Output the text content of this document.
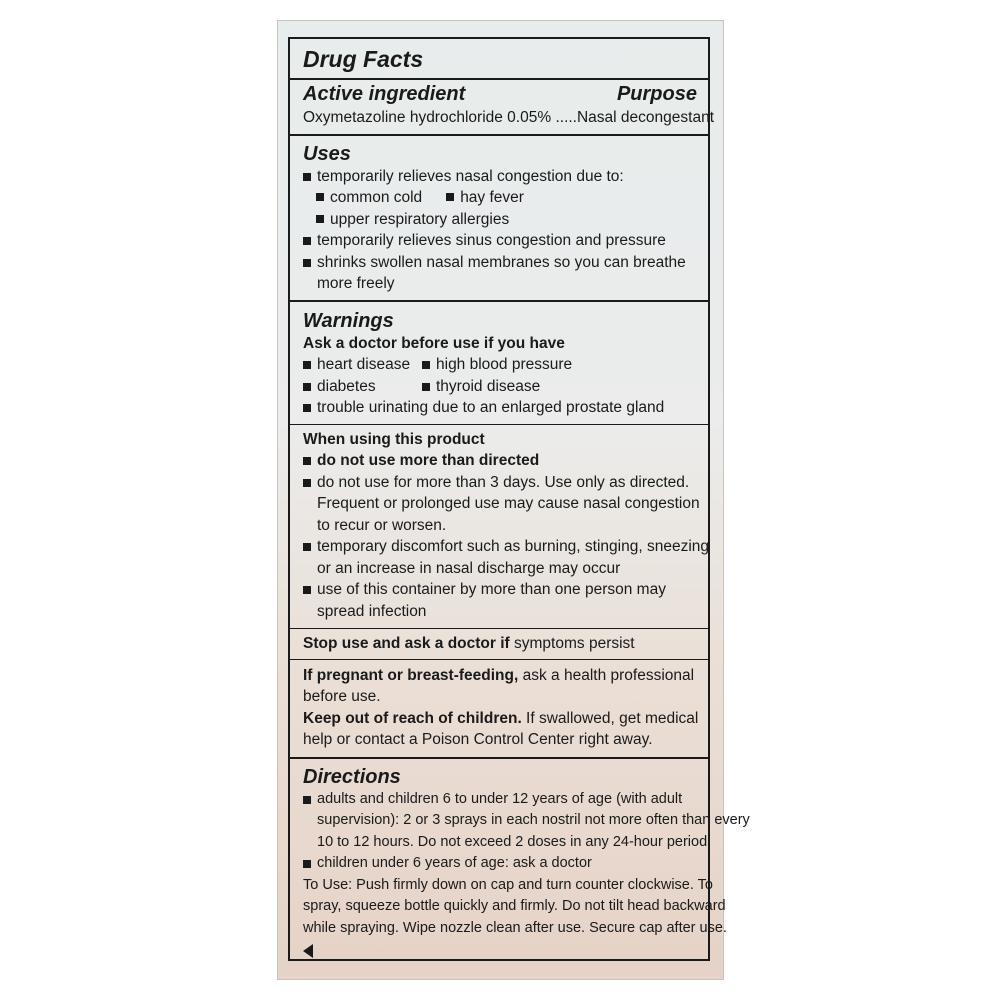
Drug Facts

Active ingredient	Purpose

Oxymetazoline hydrochloride 0.05% .....Nasal decongestant

Uses

temporarily relieves nasal congestion due to:
common cold hay fever
upper respiratory allergies
temporarily relieves sinus congestion and pressure
shrinks swollen nasal membranes so you can breathe

more freely

Warnings

Ask a doctor before use if you have

heart disease high blood pressure
diabetes	thyroid disease
trouble urinating due to an enlarged prostate gland

When using this product

do not use more than directed
do not use for more than 3 days. Use only as directed.

Frequent or prolonged use may cause nasal congestion

to recur or worsen.

temporary discomfort such as burning, stinging, sneezing

or an increase in nasal discharge may occur

use of this container by more than one person may

spread infection

Stop use and ask a doctor if symptoms persist

If pregnant or breast-feeding, ask a health professional

before use.

Keep out of reach of children. If swallowed, get medical

help or contact a Poison Control Center right away.

Directions

adults and children 6 to under 12 years of age (with adult

supervision): 2 or 3 sprays in each nostril not more often than every

10 to 12 hours. Do not exceed 2 doses in any 24-hour period.

children under 6 years of age: ask a doctor

To Use: Push firmly down on cap and turn counter clockwise. To

spray, squeeze bottle quickly and firmly. Do not tilt head backward

while spraying. Wipe nozzle clean after use. Secure cap after use.
